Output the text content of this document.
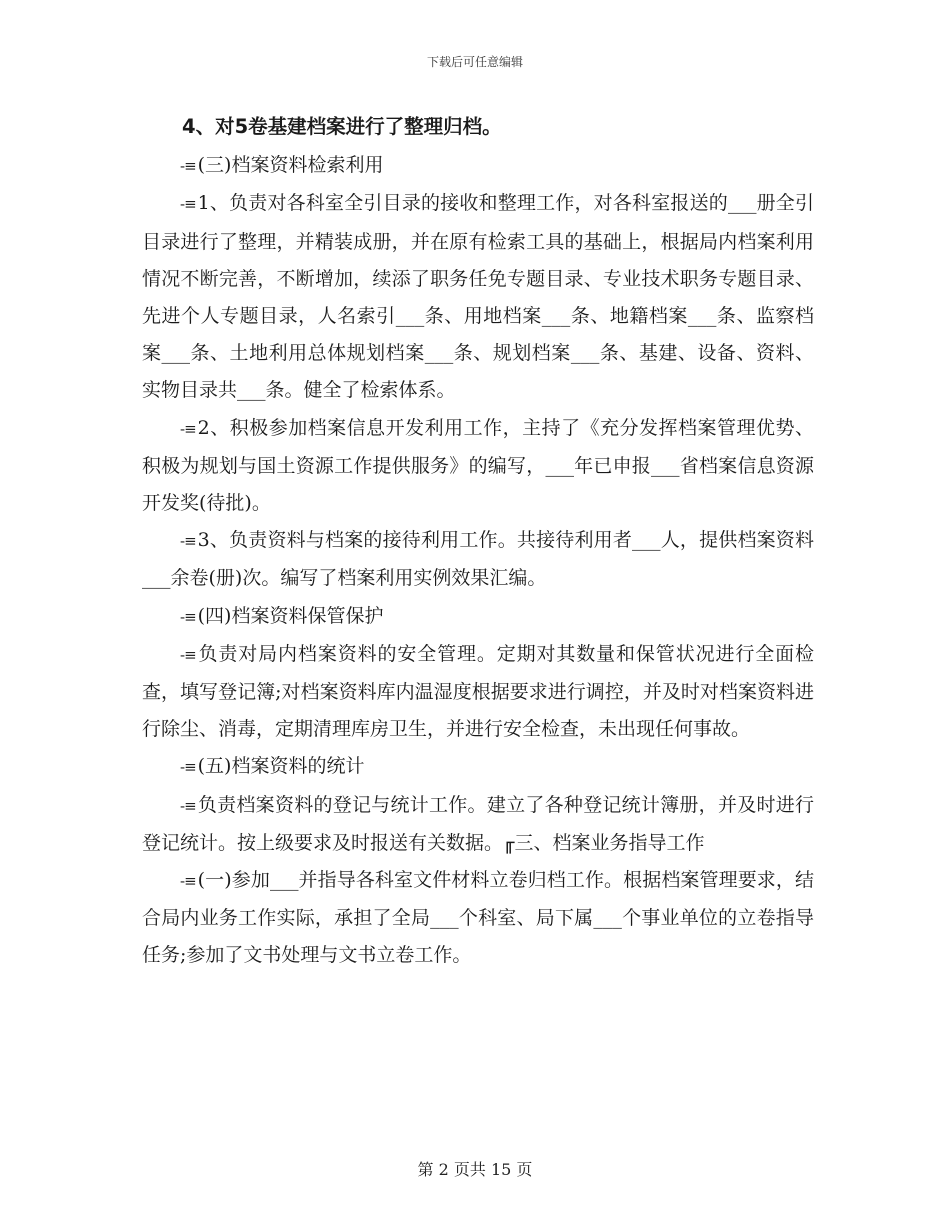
下载后可任意编辑

4、对5卷基建档案进行了整理归档。

-≡ (三)档案资料检索利用

-≡ 1、负责对各科室全引目录的接收和整理工作，对各科室报送的___册全引目录进行了整理，并精装成册，并在原有检索工具的基础上，根据局内档案利用情况不断完善，不断增加，续添了职务任免专题目录、专业技术职务专题目录、先进个人专题目录，人名索引___条、用地档案___条、地籍档案___条、监察档案___条、土地利用总体规划档案___条、规划档案___条、基建、设备、资料、实物目录共___条。健全了检索体系。

-≡ 2、积极参加档案信息开发利用工作，主持了《充分发挥档案管理优势、积极为规划与国土资源工作提供服务》的编写，___年已申报___省档案信息资源开发奖(待批)。

-≡ 3、负责资料与档案的接待利用工作。共接待利用者___人，提供档案资料___余卷(册)次。编写了档案利用实例效果汇编。

-≡ (四)档案资料保管保护

-≡ 负责对局内档案资料的安全管理。定期对其数量和保管状况进行全面检查，填写登记簿;对档案资料库内温湿度根据要求进行调控，并及时对档案资料进行除尘、消毒，定期清理库房卫生，并进行安全检查，未出现任何事故。

-≡ (五)档案资料的统计

-≡ 负责档案资料的登记与统计工作。建立了各种登记统计簿册，并及时进行登记统计。按上级要求及时报送有关数据。╓三、档案业务指导工作

-≡ (一)参加___并指导各科室文件材料立卷归档工作。根据档案管理要求，结合局内业务工作实际，承担了全局___个科室、局下属___个事业单位的立卷指导任务;参加了文书处理与文书立卷工作。

第 2 页共 15 页
